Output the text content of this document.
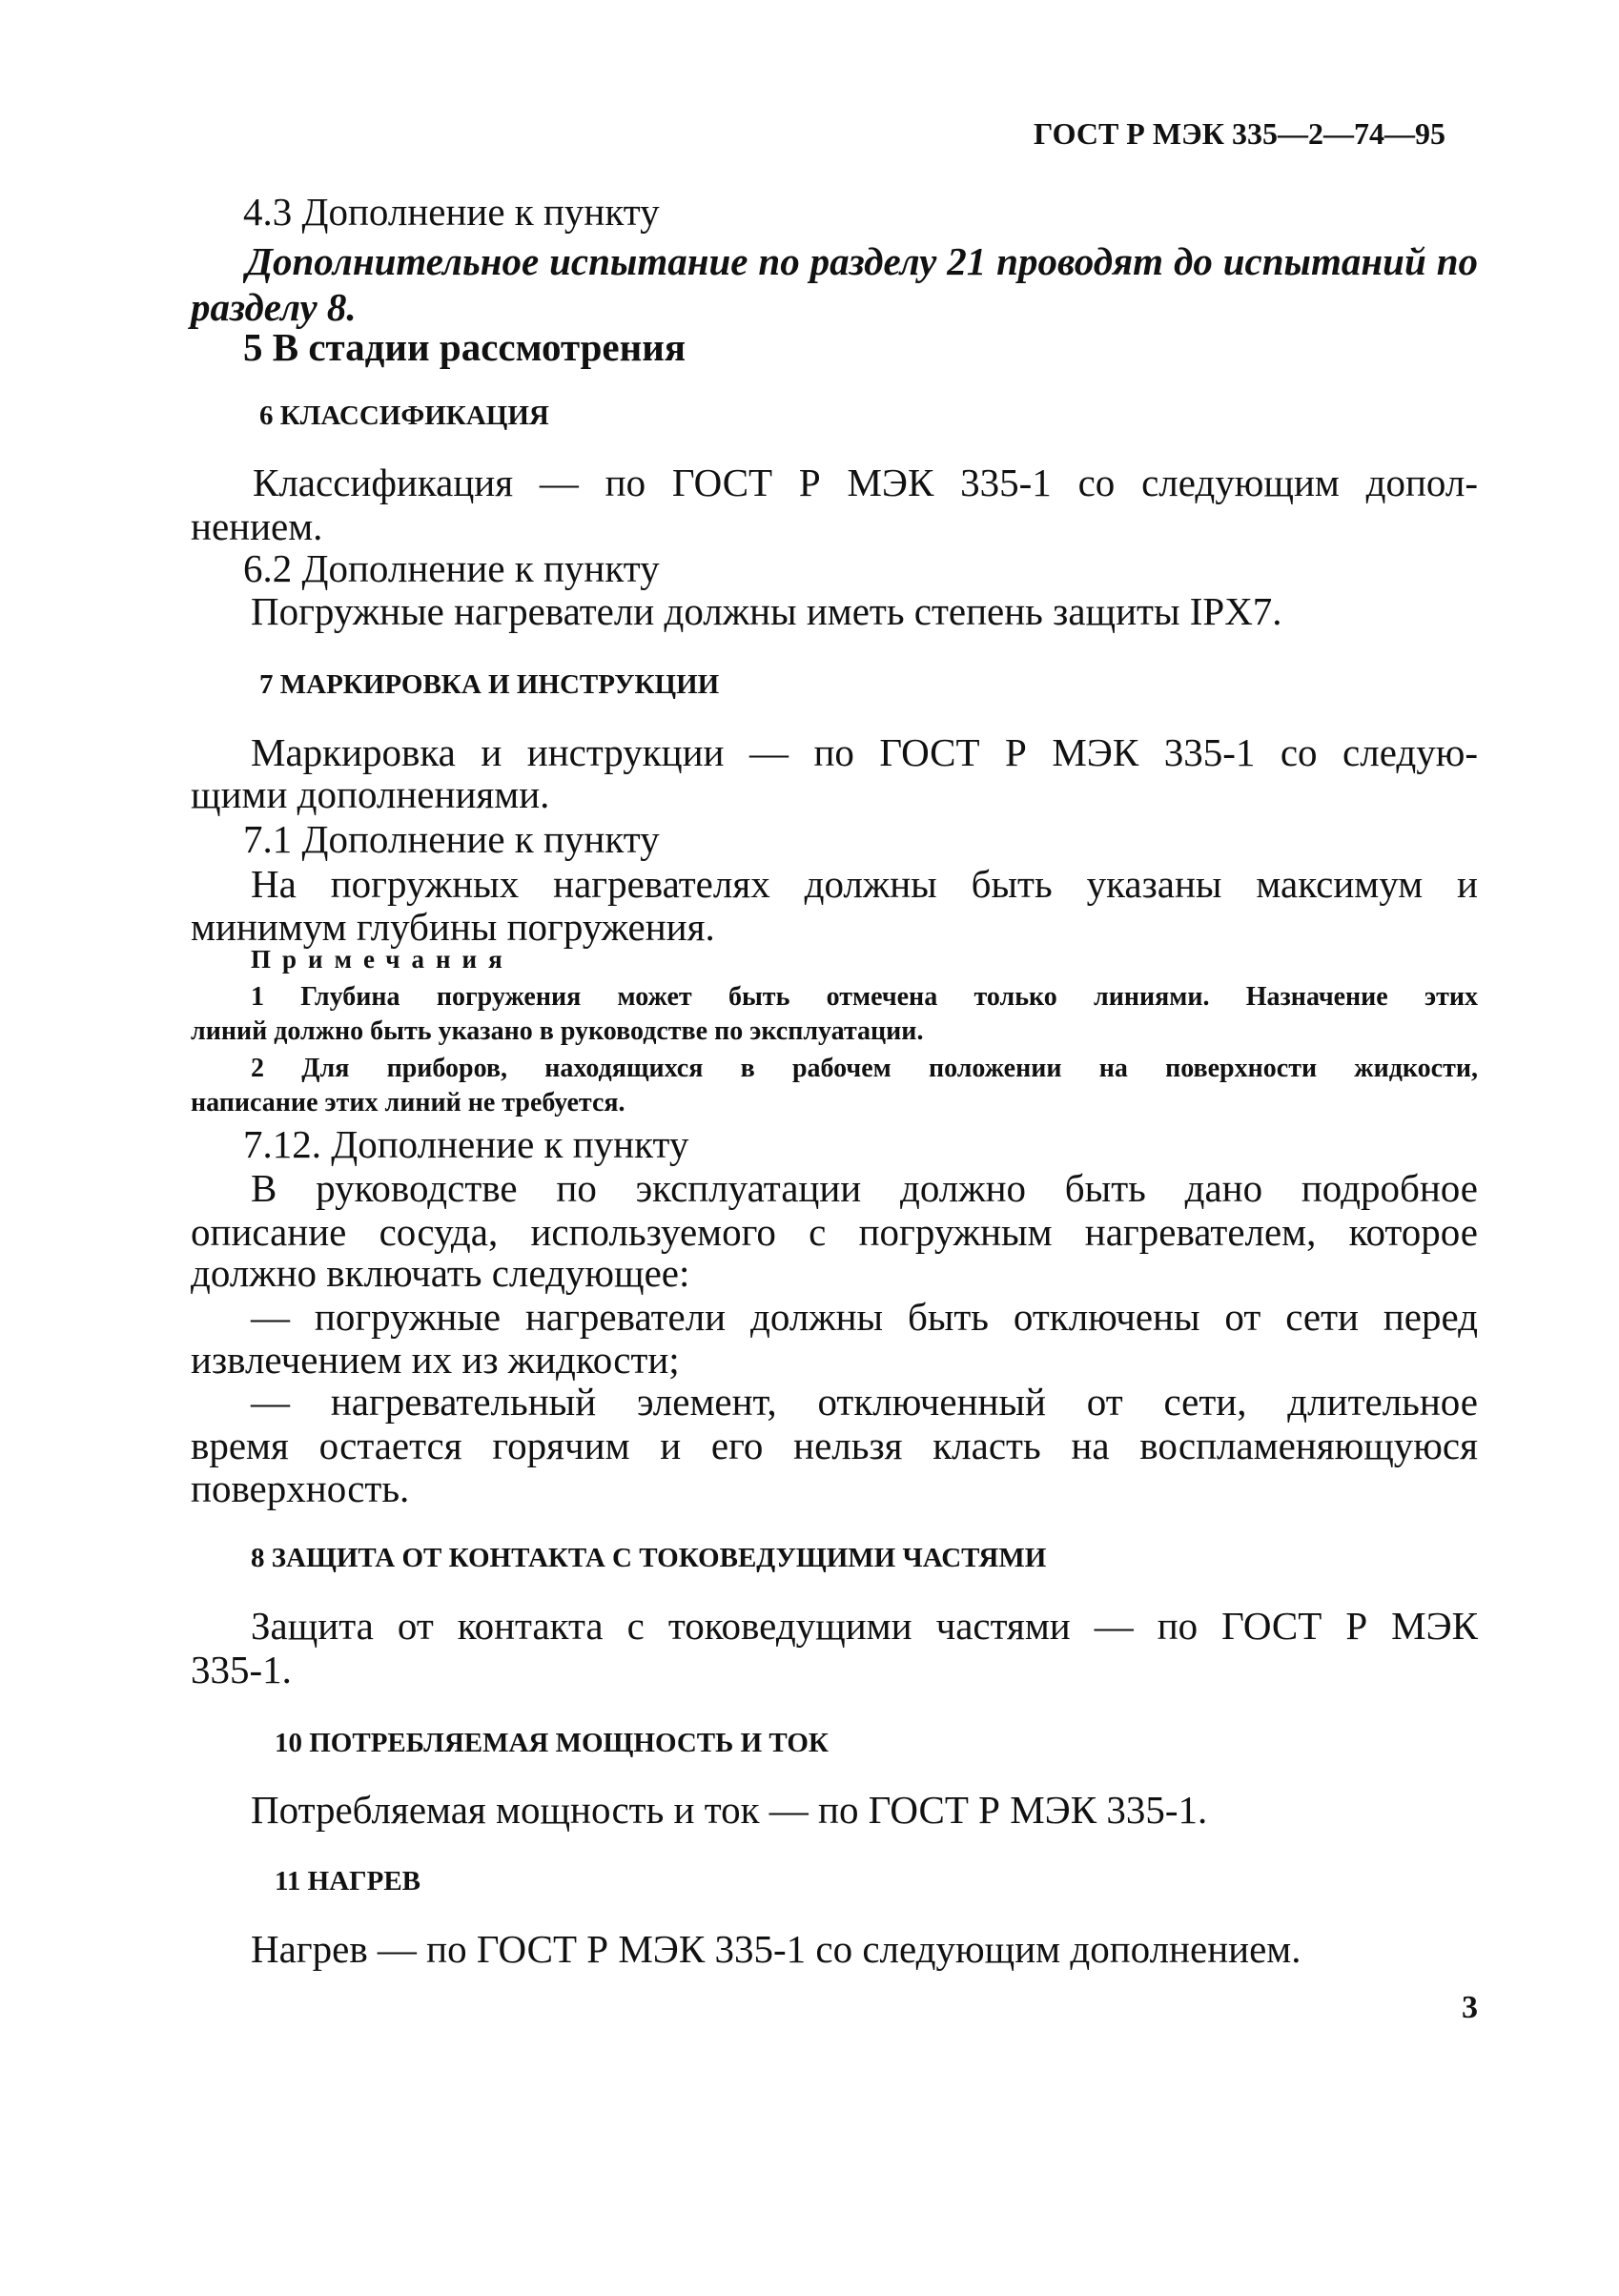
ГОСТ Р МЭК 335—2—74—95
4.3 Дополнение к пункту
Дополнительное испытание по разделу 21 проводят до испытаний по
разделу 8.
5 В стадии рассмотрения
6 КЛАССИФИКАЦИЯ
Классификация — по ГОСТ Р МЭК 335-1 со следующим допол-
нением.
6.2 Дополнение к пункту
Погружные нагреватели должны иметь степень защиты IPX7.
7 МАРКИРОВКА И ИНСТРУКЦИИ
Маркировка и инструкции — по ГОСТ Р МЭК 335-1 со следую-
щими дополнениями.
7.1 Дополнение к пункту
На погружных нагревателях должны быть указаны максимум и
минимум глубины погружения.
Примечания
1 Глубина погружения может быть отмечена только линиями. Назначение этих
линий должно быть указано в руководстве по эксплуатации.
2 Для приборов, находящихся в рабочем положении на поверхности жидкости,
написание этих линий не требуется.
7.12. Дополнение к пункту
В руководстве по эксплуатации должно быть дано подробное
описание сосуда, используемого с погружным нагревателем, которое
должно включать следующее:
— погружные нагреватели должны быть отключены от сети перед
извлечением их из жидкости;
— нагревательный элемент, отключенный от сети, длительное
время остается горячим и его нельзя класть на воспламеняющуюся
поверхность.
8 ЗАЩИТА ОТ КОНТАКТА С ТОКОВЕДУЩИМИ ЧАСТЯМИ
Защита от контакта с токоведущими частями — по ГОСТ Р МЭК
335-1.
10 ПОТРЕБЛЯЕМАЯ МОЩНОСТЬ И ТОК
Потребляемая мощность и ток — по ГОСТ Р МЭК 335-1.
11 НАГРЕВ
Нагрев — по ГОСТ Р МЭК 335-1 со следующим дополнением.
3
